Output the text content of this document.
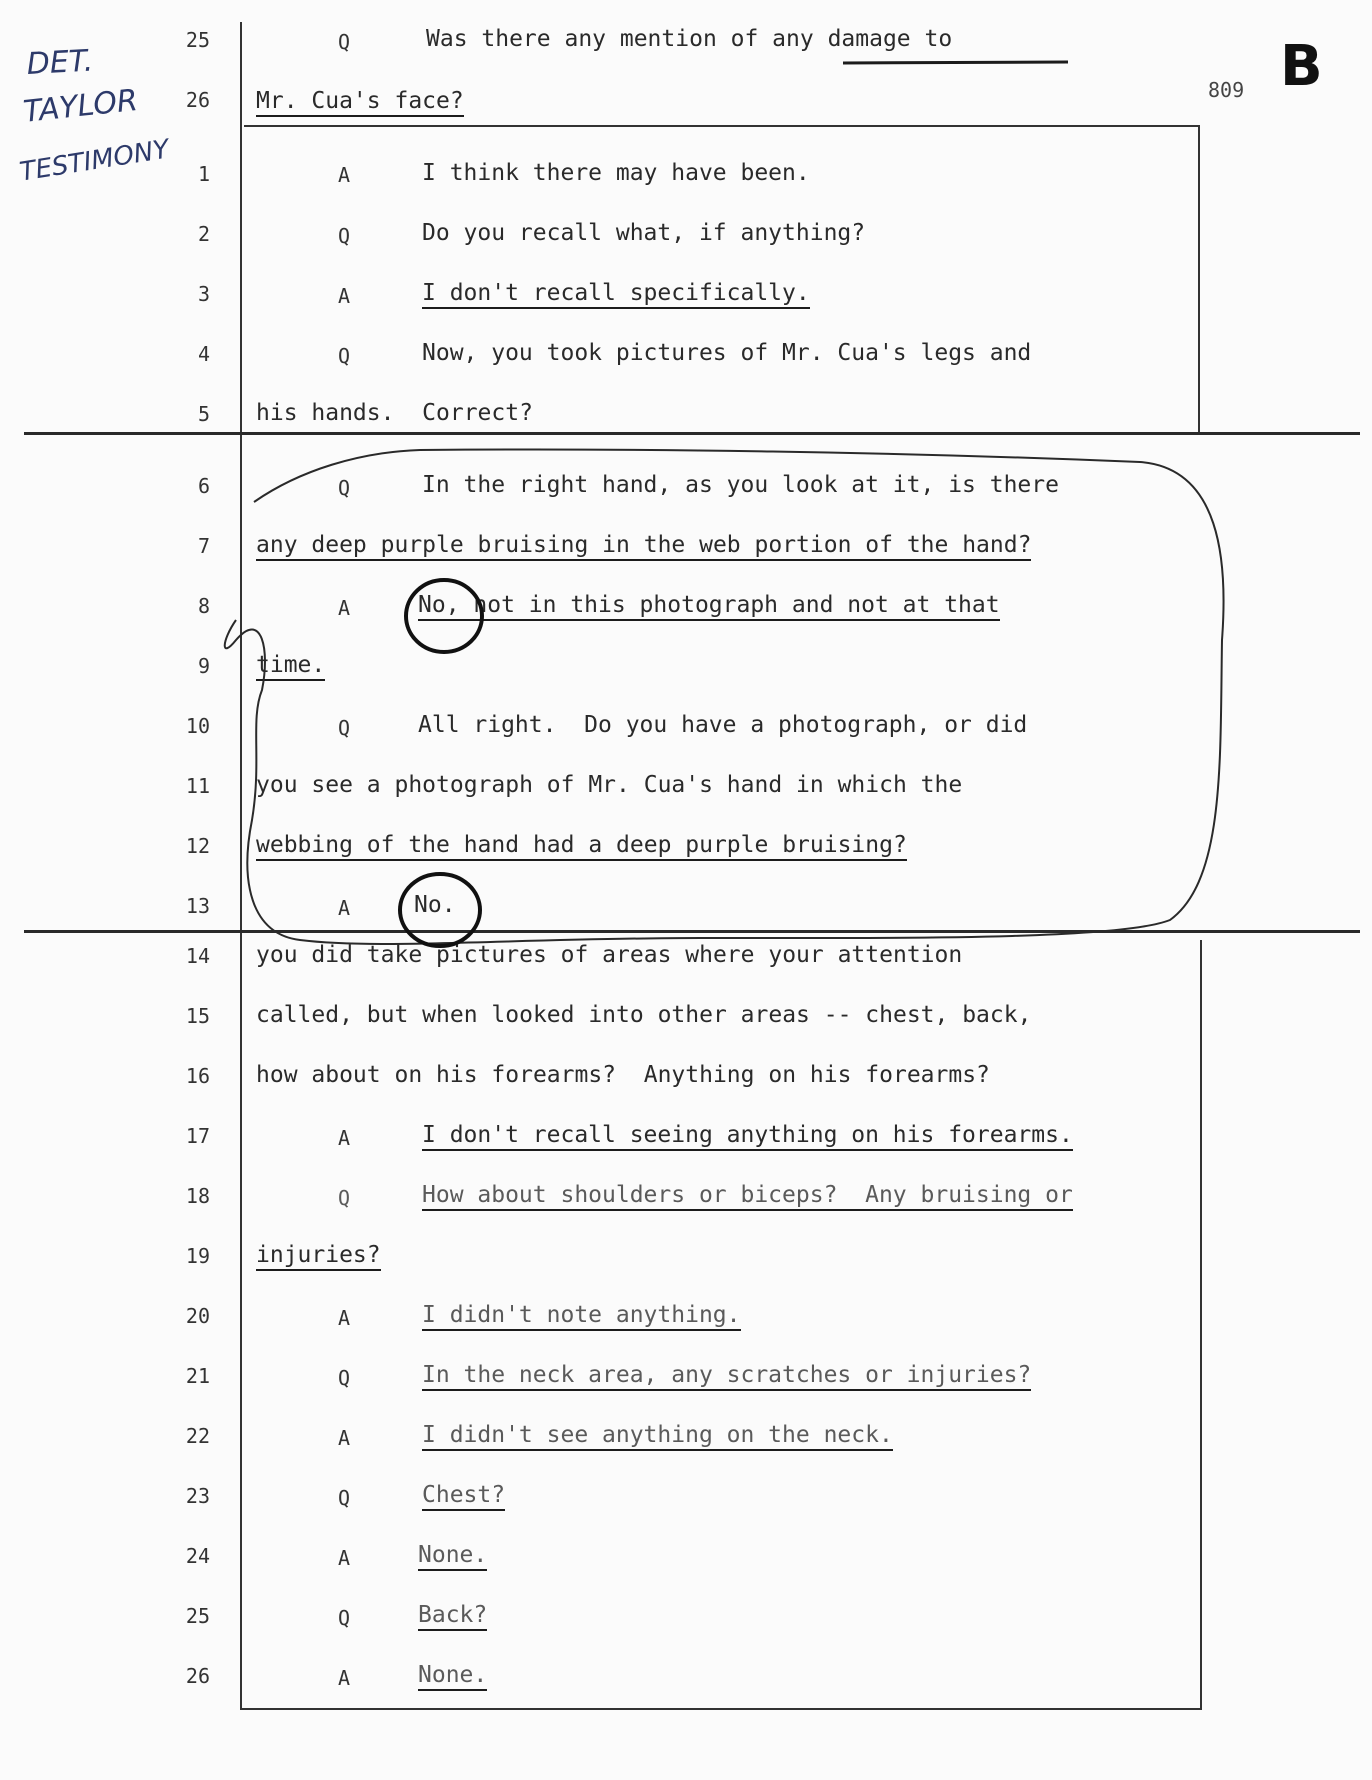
DET.
TAYLOR
TESTIMONY
B
809
25	Q	Was there any mention of any damage to
26 Mr. Cua's face?
1	A	I think there may have been.
2	Q	Do you recall what, if anything?
3	A	I don't recall specifically.
4	Q	Now, you took pictures of Mr. Cua's legs and
5 his hands.  Correct?
6	Q	In the right hand, as you look at it, is there
7 any deep purple bruising in the web portion of the hand?
8	A	No, not in this photograph and not at that
9 time.
10	Q	All right.  Do you have a photograph, or did
11 you see a photograph of Mr. Cua's hand in which the
12 webbing of the hand had a deep purple bruising?
13	A	No.
14 you did take pictures of areas where your attention
15 called, but when looked into other areas -- chest, back,
16 how about on his forearms?  Anything on his forearms?
17	A	I don't recall seeing anything on his forearms.
18	Q	How about shoulders or biceps?  Any bruising or
19 injuries?
20	A	I didn't note anything.
21	Q	In the neck area, any scratches or injuries?
22	A	I didn't see anything on the neck.
23	Q	Chest?
24	A	None.
25	Q	Back?
26	A	None.
